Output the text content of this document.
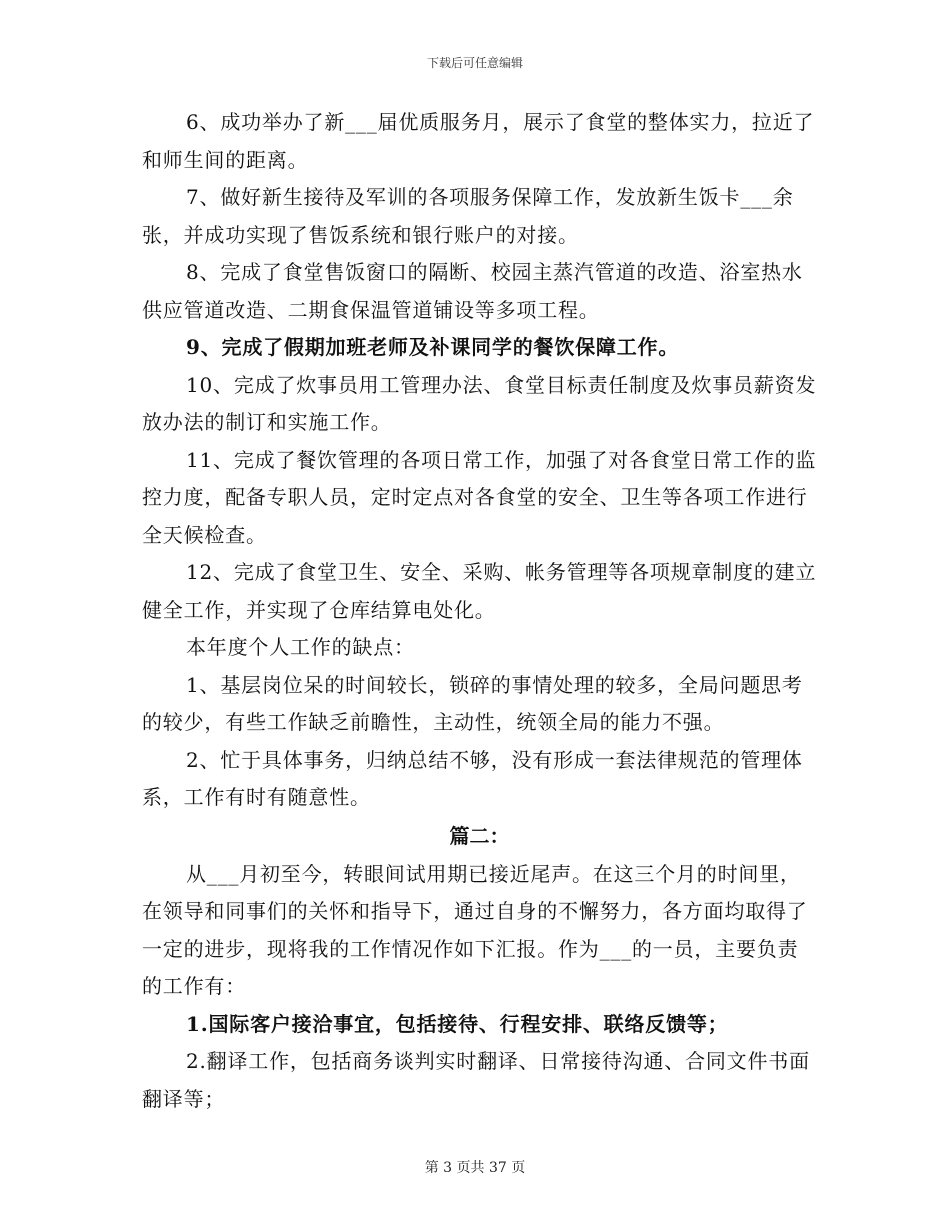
下载后可任意编辑

6、成功举办了新___届优质服务月，展示了食堂的整体实力，拉近了和师生间的距离。

7、做好新生接待及军训的各项服务保障工作，发放新生饭卡___余张，并成功实现了售饭系统和银行账户的对接。

8、完成了食堂售饭窗口的隔断、校园主蒸汽管道的改造、浴室热水供应管道改造、二期食保温管道铺设等多项工程。

9、完成了假期加班老师及补课同学的餐饮保障工作。

10、完成了炊事员用工管理办法、食堂目标责任制度及炊事员薪资发放办法的制订和实施工作。

11、完成了餐饮管理的各项日常工作，加强了对各食堂日常工作的监控力度，配备专职人员，定时定点对各食堂的安全、卫生等各项工作进行全天候检查。

12、完成了食堂卫生、安全、采购、帐务管理等各项规章制度的建立健全工作，并实现了仓库结算电处化。

本年度个人工作的缺点：

1、基层岗位呆的时间较长，锁碎的事情处理的较多，全局问题思考的较少，有些工作缺乏前瞻性，主动性，统领全局的能力不强。

2、忙于具体事务，归纳总结不够，没有形成一套法律规范的管理体系，工作有时有随意性。

篇二：

从___月初至今，转眼间试用期已接近尾声。在这三个月的时间里，在领导和同事们的关怀和指导下，通过自身的不懈努力，各方面均取得了一定的进步，现将我的工作情况作如下汇报。作为___的一员，主要负责的工作有：

1.国际客户接洽事宜，包括接待、行程安排、联络反馈等；

2.翻译工作，包括商务谈判实时翻译、日常接待沟通、合同文件书面翻译等；

第 3 页共 37 页
